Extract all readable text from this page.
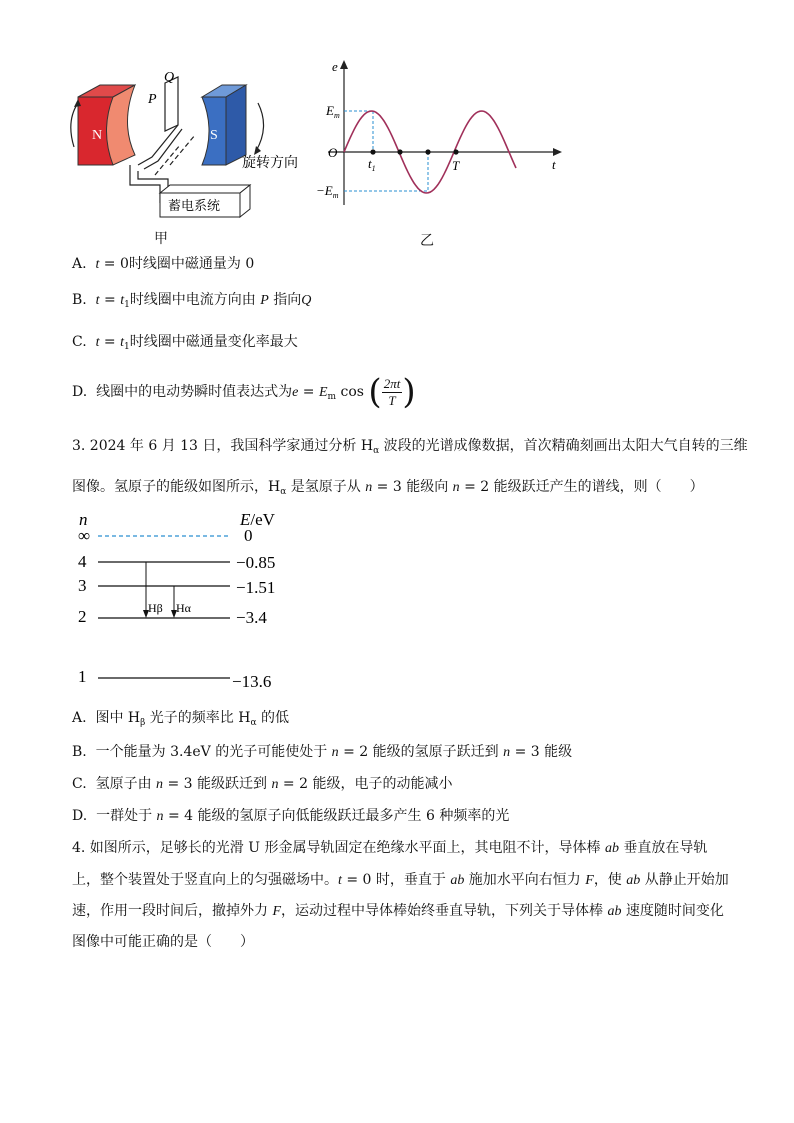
N
P
Q
S
旋转方向
蓄电系统
甲
e
t
O
$E_m$
$-E_m$
$t_1$	T
乙
A. t = 0时线圈中磁通量为 0
B. $t = t_1$时线圈中电流方向由 P 指向Q
C. $t = t_1$时线圈中磁通量变化率最大
D. 线圈中的电动势瞬时值表达式为$e = E_m$ cos ( $\frac{2\pi t}{T}$ )
3. 2024 年 6 月 13 日，我国科学家通过分析 $H_\alpha$ 波段的光谱成像数据，首次精确刻画出太阳大气自转的三维
图像。氢原子的能级如图所示，$H_\alpha$ 是氢原子从 n = 3 能级向 n = 2 能级跃迁产生的谱线，则（　　）
n	E/eV
∞	0
4	−0.85
3	−1.51
2	−3.4
1	−13.6
Hβ Hα
A. 图中 $H_\beta$ 光子的频率比 $H_\alpha$ 的低
B. 一个能量为 3.4eV 的光子可能使处于 n = 2 能级的氢原子跃迁到 n = 3 能级
C. 氢原子由 n = 3 能级跃迁到 n = 2 能级，电子的动能减小
D. 一群处于 n = 4 能级的氢原子向低能级跃迁最多产生 6 种频率的光
4. 如图所示，足够长的光滑 U 形金属导轨固定在绝缘水平面上，其电阻不计，导体棒 ab 垂直放在导轨
上，整个装置处于竖直向上的匀强磁场中。t = 0 时，垂直于 ab 施加水平向右恒力 F，使 ab 从静止开始加
速，作用一段时间后，撤掉外力 F，运动过程中导体棒始终垂直导轨，下列关于导体棒 ab 速度随时间变化
图像中可能正确的是（　　）
